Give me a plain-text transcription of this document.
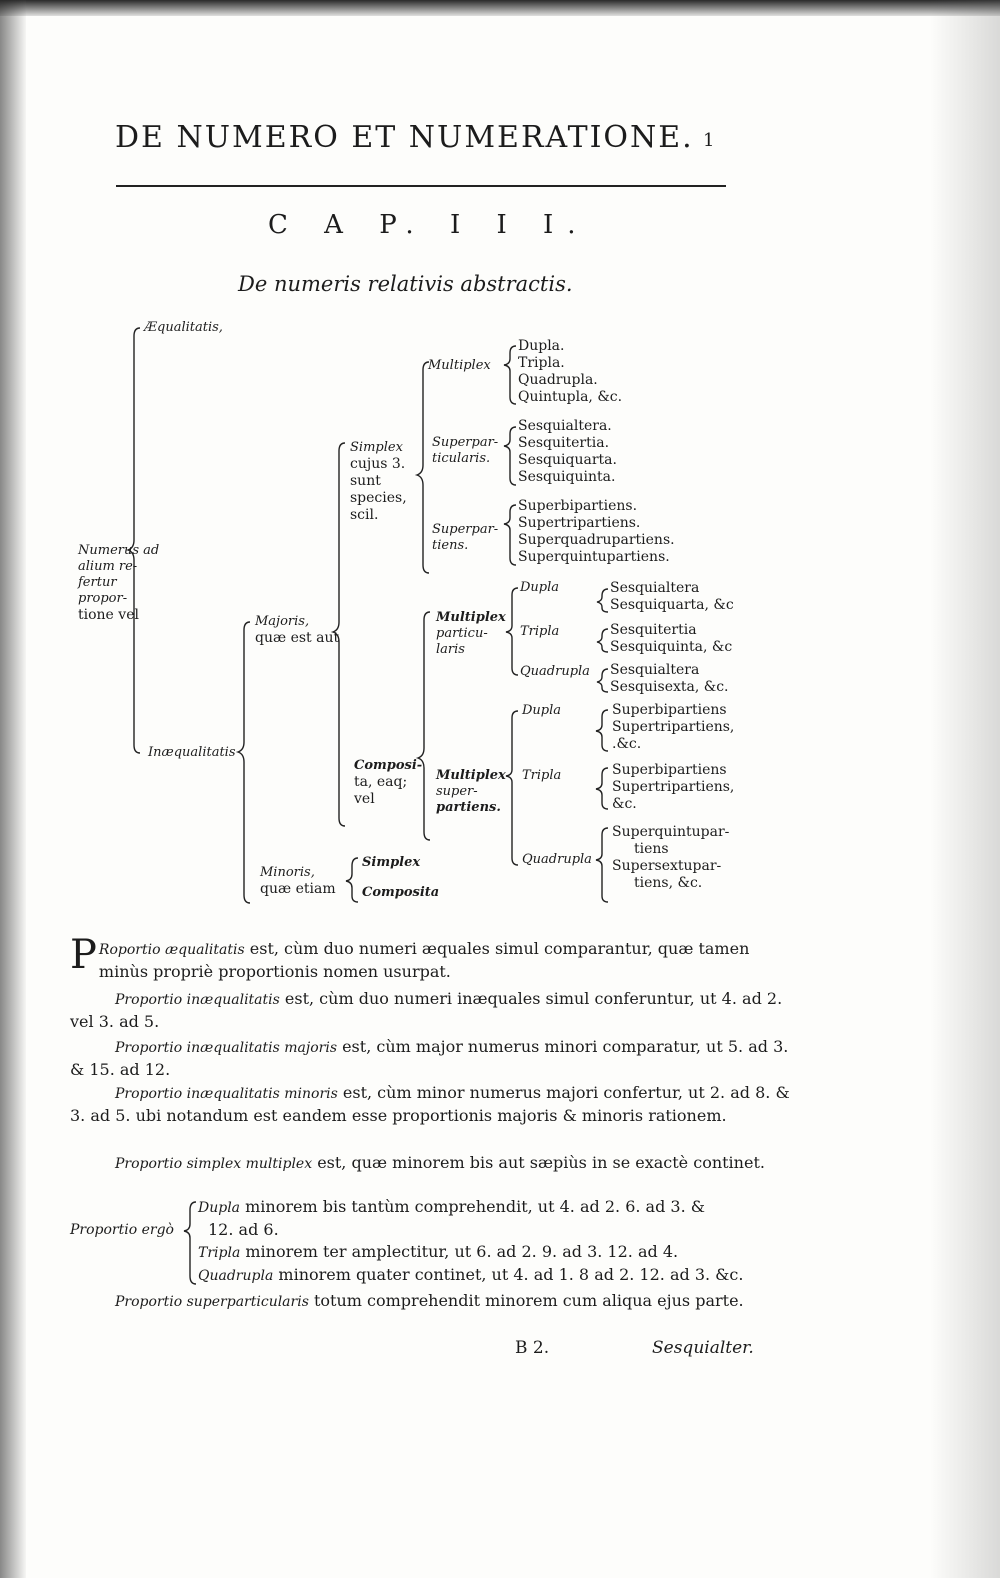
DE NUMERO ET NUMERATIONE. 1
C A P. I I I.
De numeris relativis abstractis.
Numerus ad
alium re-
fertur
propor-
tione vel
Æqualitatis,
Inæqualitatis
Majoris,
quæ est aut
Minoris,
quæ etiam
Simplex
cujus 3.
sunt
species,
scil.
Composi-
ta, eaq;
vel
Multiplex
Superpar-
ticularis.
Superpar-
tiens.
Dupla.
Tripla.
Quadrupla.
Quintupla, &c.
Sesquialtera.
Sesquitertia.
Sesquiquarta.
Sesquiquinta.
Superbipartiens.
Supertripartiens.
Superquadrupartiens.
Superquintupartiens.
Multiplex
particu-
laris
Dupla
Tripla
Quadrupla
Sesquialtera
Sesquiquarta, &c
Sesquitertia
Sesquiquinta, &c
Sesquialtera
Sesquisexta, &c.
Multiplex
super-
partiens.
Dupla
Tripla
Quadrupla
Superbipartiens
Supertripartiens,
.&c.
Superbipartiens
Supertripartiens,
&c.
Superquintupar-
tiens
Supersextupar-
tiens, &c.
Simplex
Composita
P Roportio æqualitatis est, cùm duo numeri æquales simul comparantur, quæ tamen minùs propriè proportionis nomen usurpat.
Proportio inæqualitatis est, cùm duo numeri inæquales simul conferuntur, ut 4. ad 2. vel 3. ad 5.
Proportio inæqualitatis majoris est, cùm major numerus minori comparatur, ut 5. ad 3. & 15. ad 12.
Proportio inæqualitatis minoris est, cùm minor numerus majori confertur, ut 2. ad 8. & 3. ad 5. ubi notandum est eandem esse proportionis majoris & minoris rationem.
Proportio simplex multiplex est, quæ minorem bis aut sæpiùs in se exactè continet.
Proportio ergò
Dupla minorem bis tantùm comprehendit, ut 4. ad 2. 6. ad 3. &
12. ad 6.
Tripla minorem ter amplectitur, ut 6. ad 2. 9. ad 3. 12. ad 4.
Quadrupla minorem quater continet, ut 4. ad 1. 8 ad 2. 12. ad 3. &c.
Proportio superparticularis totum comprehendit minorem cum aliqua ejus parte.
B 2.	Sesquialter.
